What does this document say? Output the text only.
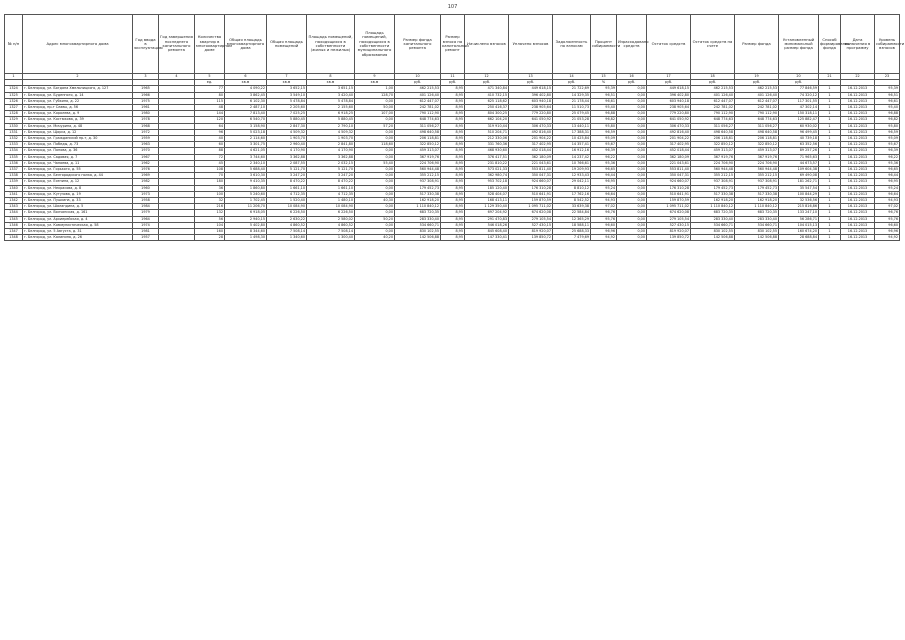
107
№ п/п	Адрес многоквартирного дома	Год ввода в эксплуатацию	Год завершения последнего капитального ремонта	Количество квартир в многоквартирном доме	Общая площадь многоквартирного дома	Общая площадь помещений	Площадь помещений, находящихся в собственности (жилых и нежилых)	Площадь помещений, находящихся в собственности муниципального образования	Размер фонда капитального ремонта	Размер взноса на капитальный ремонт	Начислено взносов	Уплачено взносов	Задолженность по взносам	Процент собираемости	Израсходовано средств	Остаток средств	Остаток средств на счете	Размер фонда	Установленный минимальный размер фонда	Способ формирования фонда	Дата включения в программу	Уровень собираемости взносов
1	2	3	4	5	6	7	8	9	10	11	12	13	14	15	16	17	18	19	20	21	22	23
				ед.	кв.м	кв.м	кв.м	кв.м	руб.	руб.	руб.	руб.	руб.	%	руб.	руб.	руб.	руб.	руб.			
1324	г. Белгород, ул. Богдана Хмельницкого, д. 127	1965		77	4 090,22	3 652,15	3 651,15	1,00	462 215,53	8,95	471 340,84	449 618,15	21 722,69	95,39	0,00	449 618,15	462 215,53	462 215,53	77 846,59	1	16.12.2013	95,39
1325	г. Белгород, ул. Буденного, д. 14	1966		80	3 862,45	3 549,10	3 420,40	128,70	401 126,40	8,95	410 732,15	396 402,80	14 329,35	96,51	0,00	396 402,80	401 126,40	401 126,40	74 320,12	1	16.12.2013	96,51
1326	г. Белгород, ул. Губкина, д. 22	1975		115	6 102,30	5 478,84	5 478,84	0,00	612 447,07	8,95	625 118,62	603 940,18	21 178,44	96,61	0,00	603 940,18	612 447,07	612 447,07	117 301,55	1	16.12.2013	96,61
1327	г. Белгород, пр-т Славы, д. 56	1961		48	2 487,10	2 205,60	2 155,60	50,00	242 781,02	8,95	250 416,37	238 905,64	11 510,73	95,40	0,00	238 905,64	242 781,02	242 781,02	47 302,14	1	16.12.2013	95,40
1328	г. Белгород, ул. Королева, д. 9	1980		144	7 813,40	7 025,25	6 918,25	107,00	790 112,90	8,95	804 300,25	779 220,80	25 079,45	96,88	0,00	779 220,80	790 112,90	790 112,90	150 318,11	1	16.12.2013	96,88
1329	г. Белгород, ул. Костюкова, д. 39	1978		120	6 540,70	5 880,45	5 880,45	0,00	648 774,63	8,95	662 104,20	641 050,92	21 053,28	96,82	0,00	641 050,92	648 774,63	648 774,63	125 882,47	1	16.12.2013	96,82
1330	г. Белгород, ул. Мичурина, д. 48	1968		64	3 158,90	2 847,30	2 790,10	57,20	311 056,27	8,95	319 910,44	306 470,33	13 440,11	95,80	0,00	306 470,33	311 056,27	311 056,27	60 930,02	1	16.12.2013	95,80
1331	г. Белгород, ул. Щорса, д. 12	1972		96	5 023,18	4 509,32	4 509,32	0,00	498 640,58	8,95	510 204,71	492 816,40	17 388,31	96,59	0,00	492 816,40	498 640,58	498 640,58	96 499,45	1	16.12.2013	96,59
1332	г. Белгород, ул. Гражданский пр-т, д. 30	1959		40	2 114,60	1 903,70	1 903,70	0,00	206 118,81	8,95	212 330,06	201 904,22	10 425,84	95,09	0,00	201 904,22	206 118,81	206 118,81	40 739,18	1	16.12.2013	95,09
1333	г. Белгород, ул. Победы, д. 73	1963		60	3 301,75	2 960,40	2 841,80	118,60	322 850,12	8,95	331 760,36	317 402,95	14 357,41	95,67	0,00	317 402,95	322 850,12	322 850,12	63 352,56	1	16.12.2013	95,67
1334	г. Белгород, ул. Попова, д. 36	1970		88	4 621,05	4 170,90	4 170,90	0,00	459 313,07	8,95	468 930,60	452 018,44	16 912,16	96,39	0,00	452 018,44	459 313,07	459 313,07	89 257,26	1	16.12.2013	96,39
1335	г. Белгород, ул. Садовая, д. 7	1967		72	3 744,60	3 362,88	3 362,88	0,00	367 919,76	8,95	376 417,51	362 180,09	14 237,42	96,22	0,00	362 180,09	367 919,76	367 919,76	71 965,63	1	16.12.2013	96,22
1336	г. Белгород, ул. Чапаева, д. 11	1962		45	2 340,10	2 087,55	2 032,15	55,40	224 706,90	8,95	231 810,22	221 043,61	10 766,61	95,36	0,00	221 043,61	224 706,90	224 706,90	44 673,57	1	16.12.2013	95,36
1337	г. Белгород, ул. Горького, д. 55	1976		108	5 688,40	5 121,70	5 121,70	0,00	560 944,48	8,95	573 021,33	553 811,40	19 209,93	96,65	0,00	553 811,40	560 944,48	560 944,48	109 604,38	1	16.12.2013	96,65
1338	г. Белгород, ул. Белгородского полка, д. 44	1969		70	3 610,30	3 247,20	3 247,20	0,00	355 212,15	8,95	362 980,74	350 047,31	12 933,43	96,44	0,00	350 047,31	355 212,15	355 212,15	69 490,08	1	16.12.2013	96,44
1339	г. Белгород, ул. Есенина, д. 12	1982		180	9 410,35	8 470,22	8 470,22	0,00	937 308,91	8,95	953 702,18	924 660,07	29 042,11	96,95	0,00	924 660,07	937 308,91	937 308,91	181 262,71	1	16.12.2013	96,95
1340	г. Белгород, ул. Некрасова, д. 8	1960		36	1 860,80	1 661,10	1 661,10	0,00	179 452,73	8,95	185 120,40	176 310,28	8 810,12	95,24	0,00	176 310,28	179 452,73	179 452,73	35 547,54	1	16.12.2013	95,24
1341	г. Белгород, ул. Кутузова, д. 19	1973		100	5 240,60	4 712,35	4 712,35	0,00	517 330,38	8,95	528 404,07	510 641,91	17 762,16	96,64	0,00	510 641,91	517 330,38	517 330,38	100 844,29	1	16.12.2013	96,64
1342	г. Белгород, ул. Пушкина, д. 33	1958		32	1 702,45	1 520,40	1 480,10	40,30	162 918,20	8,95	168 413,11	159 870,59	8 542,52	94,93	0,00	159 870,59	162 918,20	162 918,20	32 536,56	1	16.12.2013	94,93
1343	г. Белгород, ул. Шаландина, д. 5	1984		216	11 206,70	10 084,90	10 084,90	0,00	1 110 840,12	8,95	1 129 350,40	1 095 711,02	33 639,38	97,02	0,00	1 095 711,02	1 110 840,12	1 110 840,12	215 816,86	1	16.12.2013	97,02
1344	г. Белгород, ул. Волчанская, д. 161	1979		132	6 918,05	6 226,50	6 226,50	0,00	683 720,35	8,95	697 204,92	674 620,08	22 584,84	96,76	0,00	674 620,08	683 720,35	683 720,35	133 247,10	1	16.12.2013	96,76
1345	г. Белгород, ул. Архиерейская, д. 4	1964		56	2 940,15	2 630,22	2 580,02	50,20	283 330,40	8,95	291 470,83	279 105,54	12 365,29	95,76	0,00	279 105,54	283 330,40	283 330,40	56 286,71	1	16.12.2013	95,76
1346	г. Белгород, ул. Коммунистическая, д. 58	1974		104	5 402,80	4 860,52	4 860,52	0,00	534 660,71	8,95	546 018,26	527 430,15	18 588,11	96,60	0,00	527 430,15	534 660,71	534 660,71	104 015,13	1	16.12.2013	96,60
1347	г. Белгород, ул. 5 Августа, д. 31	1981		160	8 344,60	7 508,14	7 508,14	0,00	830 102,55	8,95	845 608,40	819 920,07	25 688,33	96,96	0,00	819 920,07	830 102,55	830 102,55	160 674,20	1	16.12.2013	96,96
1348	г. Белгород, ул. Калинина, д. 26	1957		28	1 498,30	1 340,60	1 300,40	40,20	142 506,88	8,95	147 330,41	139 850,72	7 479,69	94,92	0,00	139 850,72	142 506,88	142 506,88	28 688,84	1	16.12.2013	94,92
